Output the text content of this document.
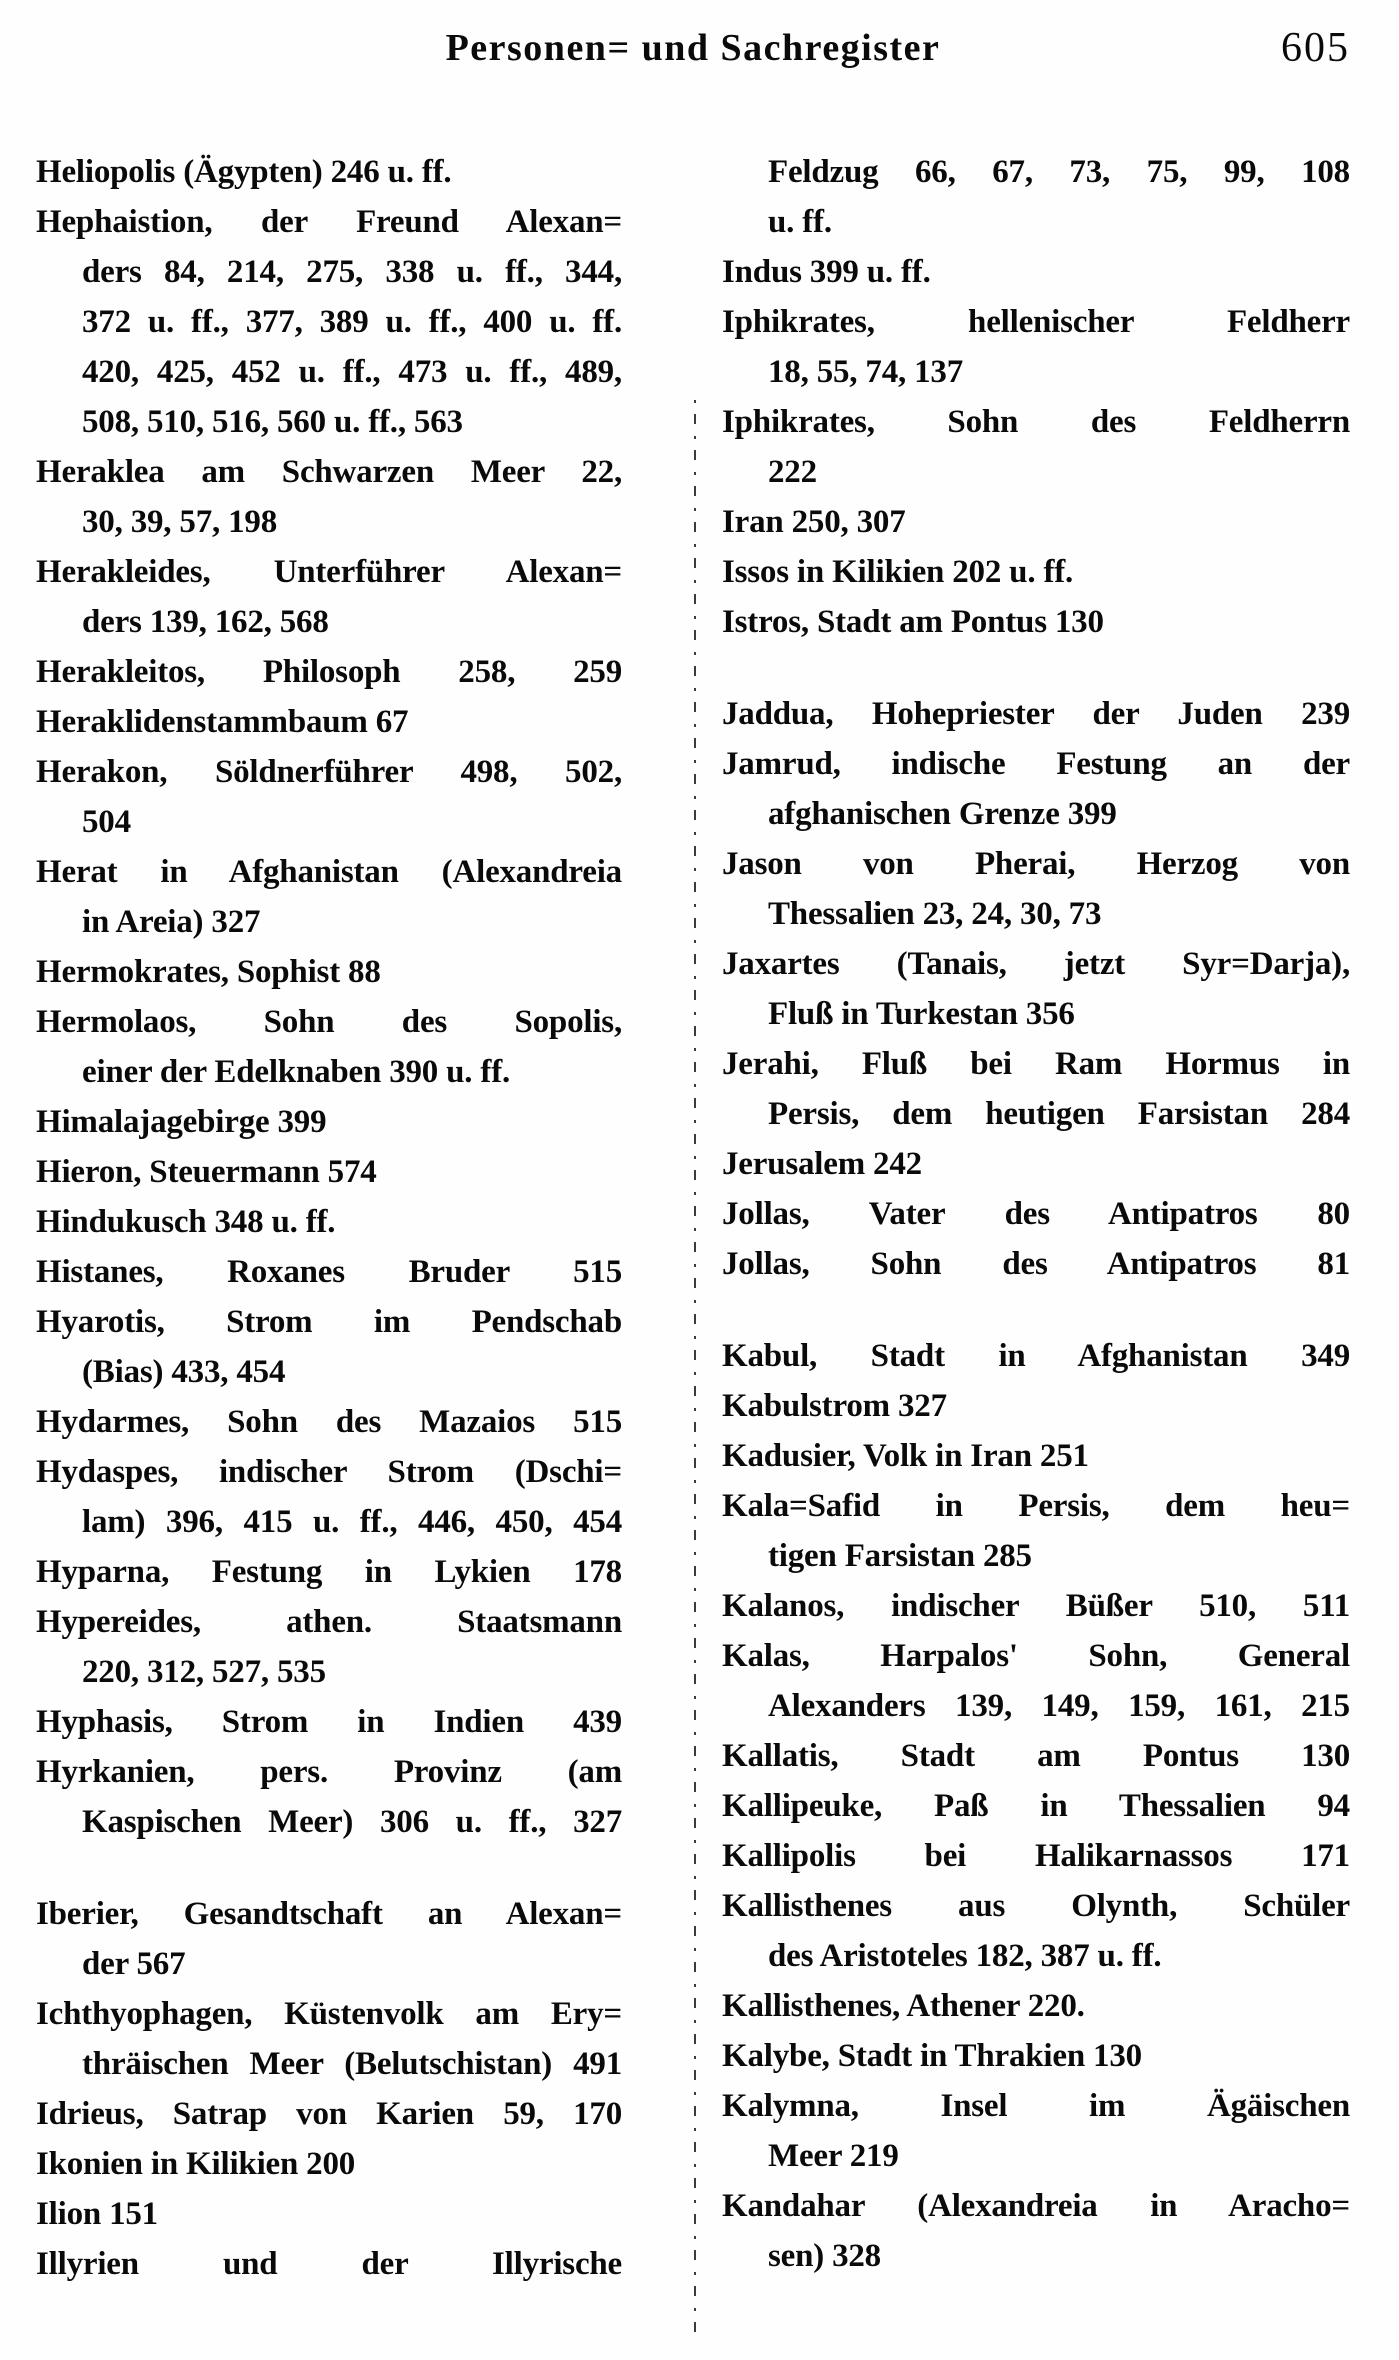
Personen= und Sachregister	605
Heliopolis (Ägypten) 246 u. ff.
Hephaistion, der Freund Alexan=
ders 84, 214, 275, 338 u. ff., 344,
372 u. ff., 377, 389 u. ff., 400 u. ff.
420, 425, 452 u. ff., 473 u. ff., 489,
508, 510, 516, 560 u. ff., 563
Heraklea am Schwarzen Meer 22,
30, 39, 57, 198
Herakleides, Unterführer Alexan=
ders 139, 162, 568
Herakleitos, Philosoph 258, 259
Heraklidenstammbaum 67
Herakon, Söldnerführer 498, 502,
504
Herat in Afghanistan (Alexandreia
in Areia) 327
Hermokrates, Sophist 88
Hermolaos, Sohn des Sopolis,
einer der Edelknaben 390 u. ff.
Himalajagebirge 399
Hieron, Steuermann 574
Hindukusch 348 u. ff.
Histanes, Roxanes Bruder 515
Hyarotis, Strom im Pendschab
(Bias) 433, 454
Hydarmes, Sohn des Mazaios 515
Hydaspes, indischer Strom (Dschi=
lam) 396, 415 u. ff., 446, 450, 454
Hyparna, Festung in Lykien 178
Hypereides, athen. Staatsmann
220, 312, 527, 535
Hyphasis, Strom in Indien 439
Hyrkanien, pers. Provinz (am
Kaspischen Meer) 306 u. ff., 327
Iberier, Gesandtschaft an Alexan=
der 567
Ichthyophagen, Küstenvolk am Ery=
thräischen Meer (Belutschistan) 491
Idrieus, Satrap von Karien 59, 170
Ikonien in Kilikien 200
Ilion 151
Illyrien und der Illyrische
Feldzug 66, 67, 73, 75, 99, 108
u. ff.
Indus 399 u. ff.
Iphikrates, hellenischer Feldherr
18, 55, 74, 137
Iphikrates, Sohn des Feldherrn
222
Iran 250, 307
Issos in Kilikien 202 u. ff.
Istros, Stadt am Pontus 130
Jaddua, Hohepriester der Juden 239
Jamrud, indische Festung an der
afghanischen Grenze 399
Jason von Pherai, Herzog von
Thessalien 23, 24, 30, 73
Jaxartes (Tanais, jetzt Syr=Darja),
Fluß in Turkestan 356
Jerahi, Fluß bei Ram Hormus in
Persis, dem heutigen Farsistan 284
Jerusalem 242
Jollas, Vater des Antipatros 80
Jollas, Sohn des Antipatros 81
Kabul, Stadt in Afghanistan 349
Kabulstrom 327
Kadusier, Volk in Iran 251
Kala=Safid in Persis, dem heu=
tigen Farsistan 285
Kalanos, indischer Büßer 510, 511
Kalas, Harpalos' Sohn, General
Alexanders 139, 149, 159, 161, 215
Kallatis, Stadt am Pontus 130
Kallipeuke, Paß in Thessalien 94
Kallipolis bei Halikarnassos 171
Kallisthenes aus Olynth, Schüler
des Aristoteles 182, 387 u. ff.
Kallisthenes, Athener 220.
Kalybe, Stadt in Thrakien 130
Kalymna, Insel im Ägäischen
Meer 219
Kandahar (Alexandreia in Aracho=
sen) 328
